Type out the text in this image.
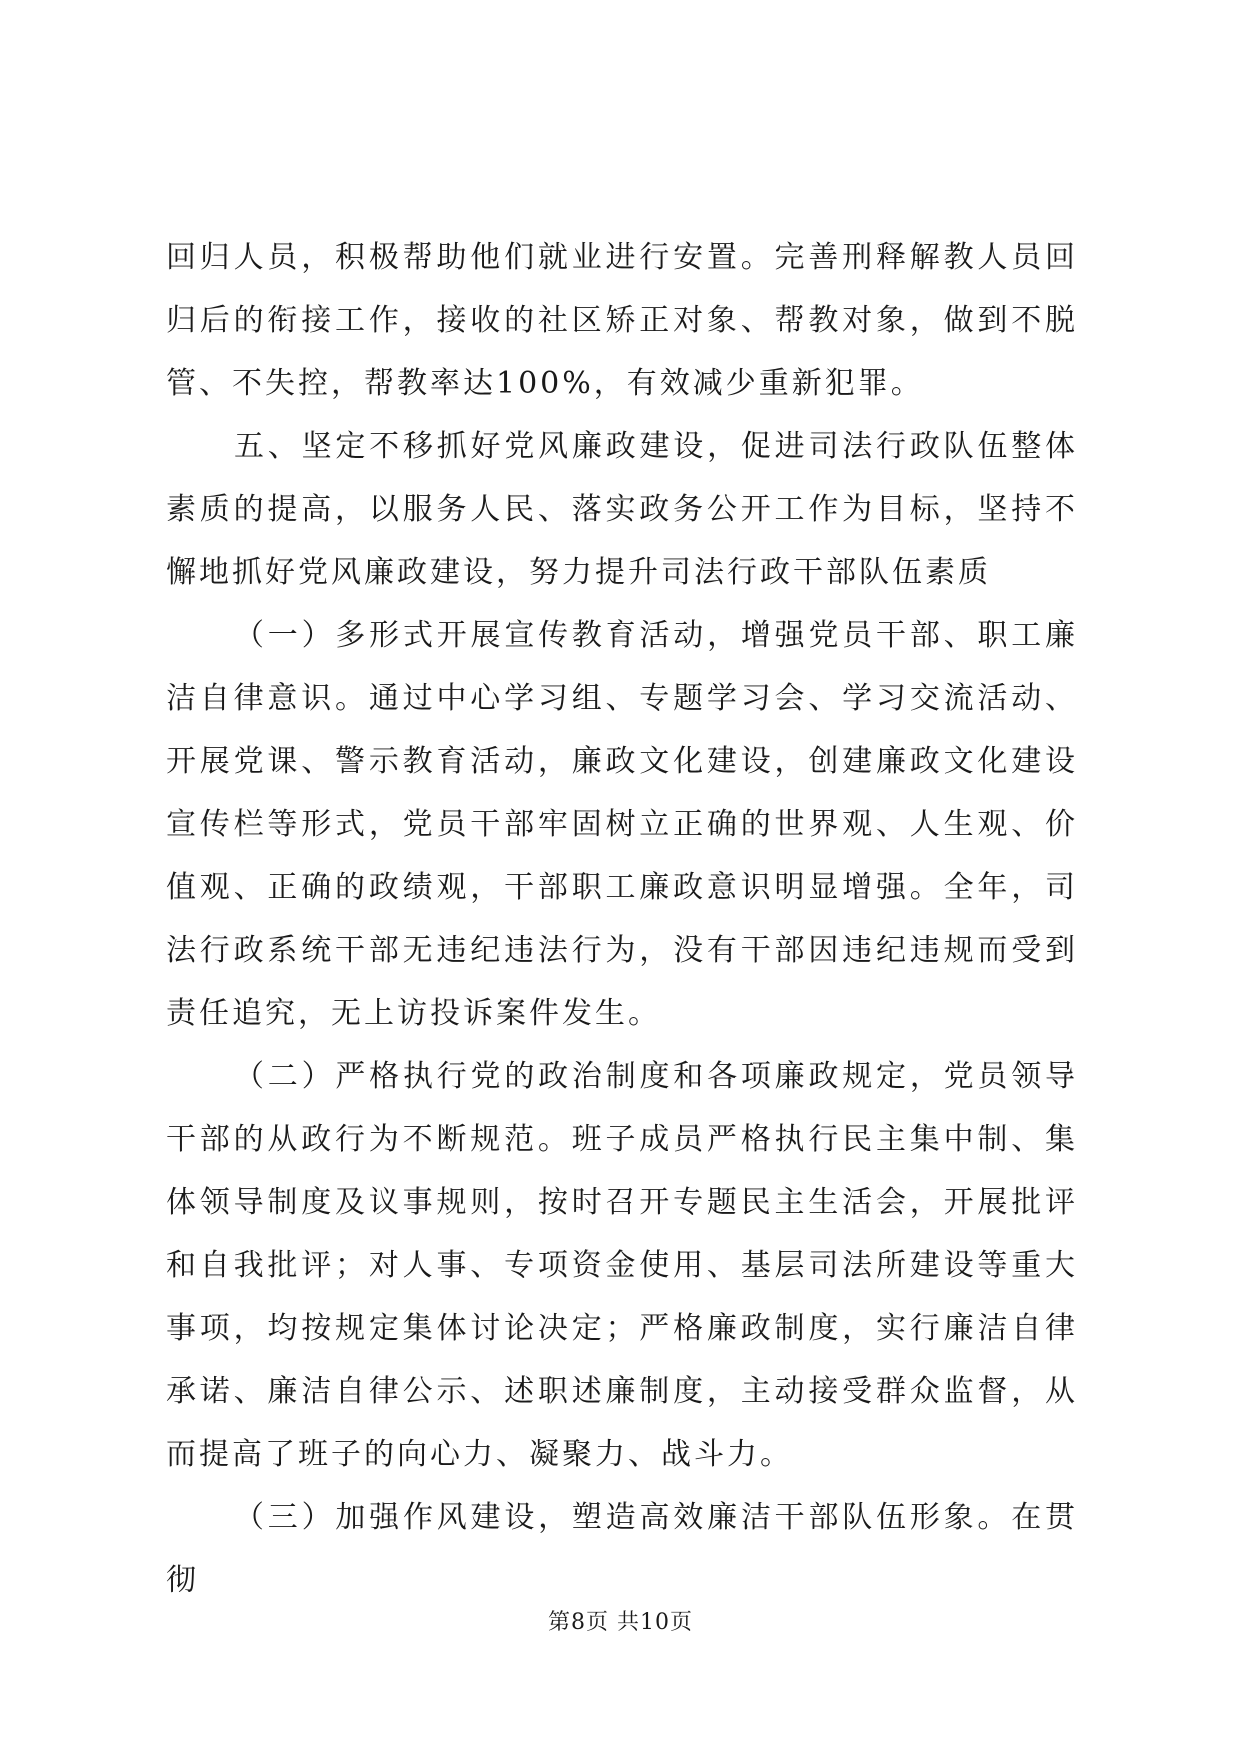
回归人员，积极帮助他们就业进行安置。完善刑释解教人员回归后的衔接工作，接收的社区矫正对象、帮教对象，做到不脱管、不失控，帮教率达100%，有效减少重新犯罪。

五、坚定不移抓好党风廉政建设，促进司法行政队伍整体素质的提高，以服务人民、落实政务公开工作为目标，坚持不懈地抓好党风廉政建设，努力提升司法行政干部队伍素质

（一）多形式开展宣传教育活动，增强党员干部、职工廉洁自律意识。通过中心学习组、专题学习会、学习交流活动、开展党课、警示教育活动，廉政文化建设，创建廉政文化建设宣传栏等形式，党员干部牢固树立正确的世界观、人生观、价值观、正确的政绩观，干部职工廉政意识明显增强。全年，司法行政系统干部无违纪违法行为，没有干部因违纪违规而受到责任追究，无上访投诉案件发生。

（二）严格执行党的政治制度和各项廉政规定，党员领导干部的从政行为不断规范。班子成员严格执行民主集中制、集体领导制度及议事规则，按时召开专题民主生活会，开展批评和自我批评；对人事、专项资金使用、基层司法所建设等重大事项，均按规定集体讨论决定；严格廉政制度，实行廉洁自律承诺、廉洁自律公示、述职述廉制度，主动接受群众监督，从而提高了班子的向心力、凝聚力、战斗力。

（三）加强作风建设，塑造高效廉洁干部队伍形象。在贯彻

第8页 共10页
